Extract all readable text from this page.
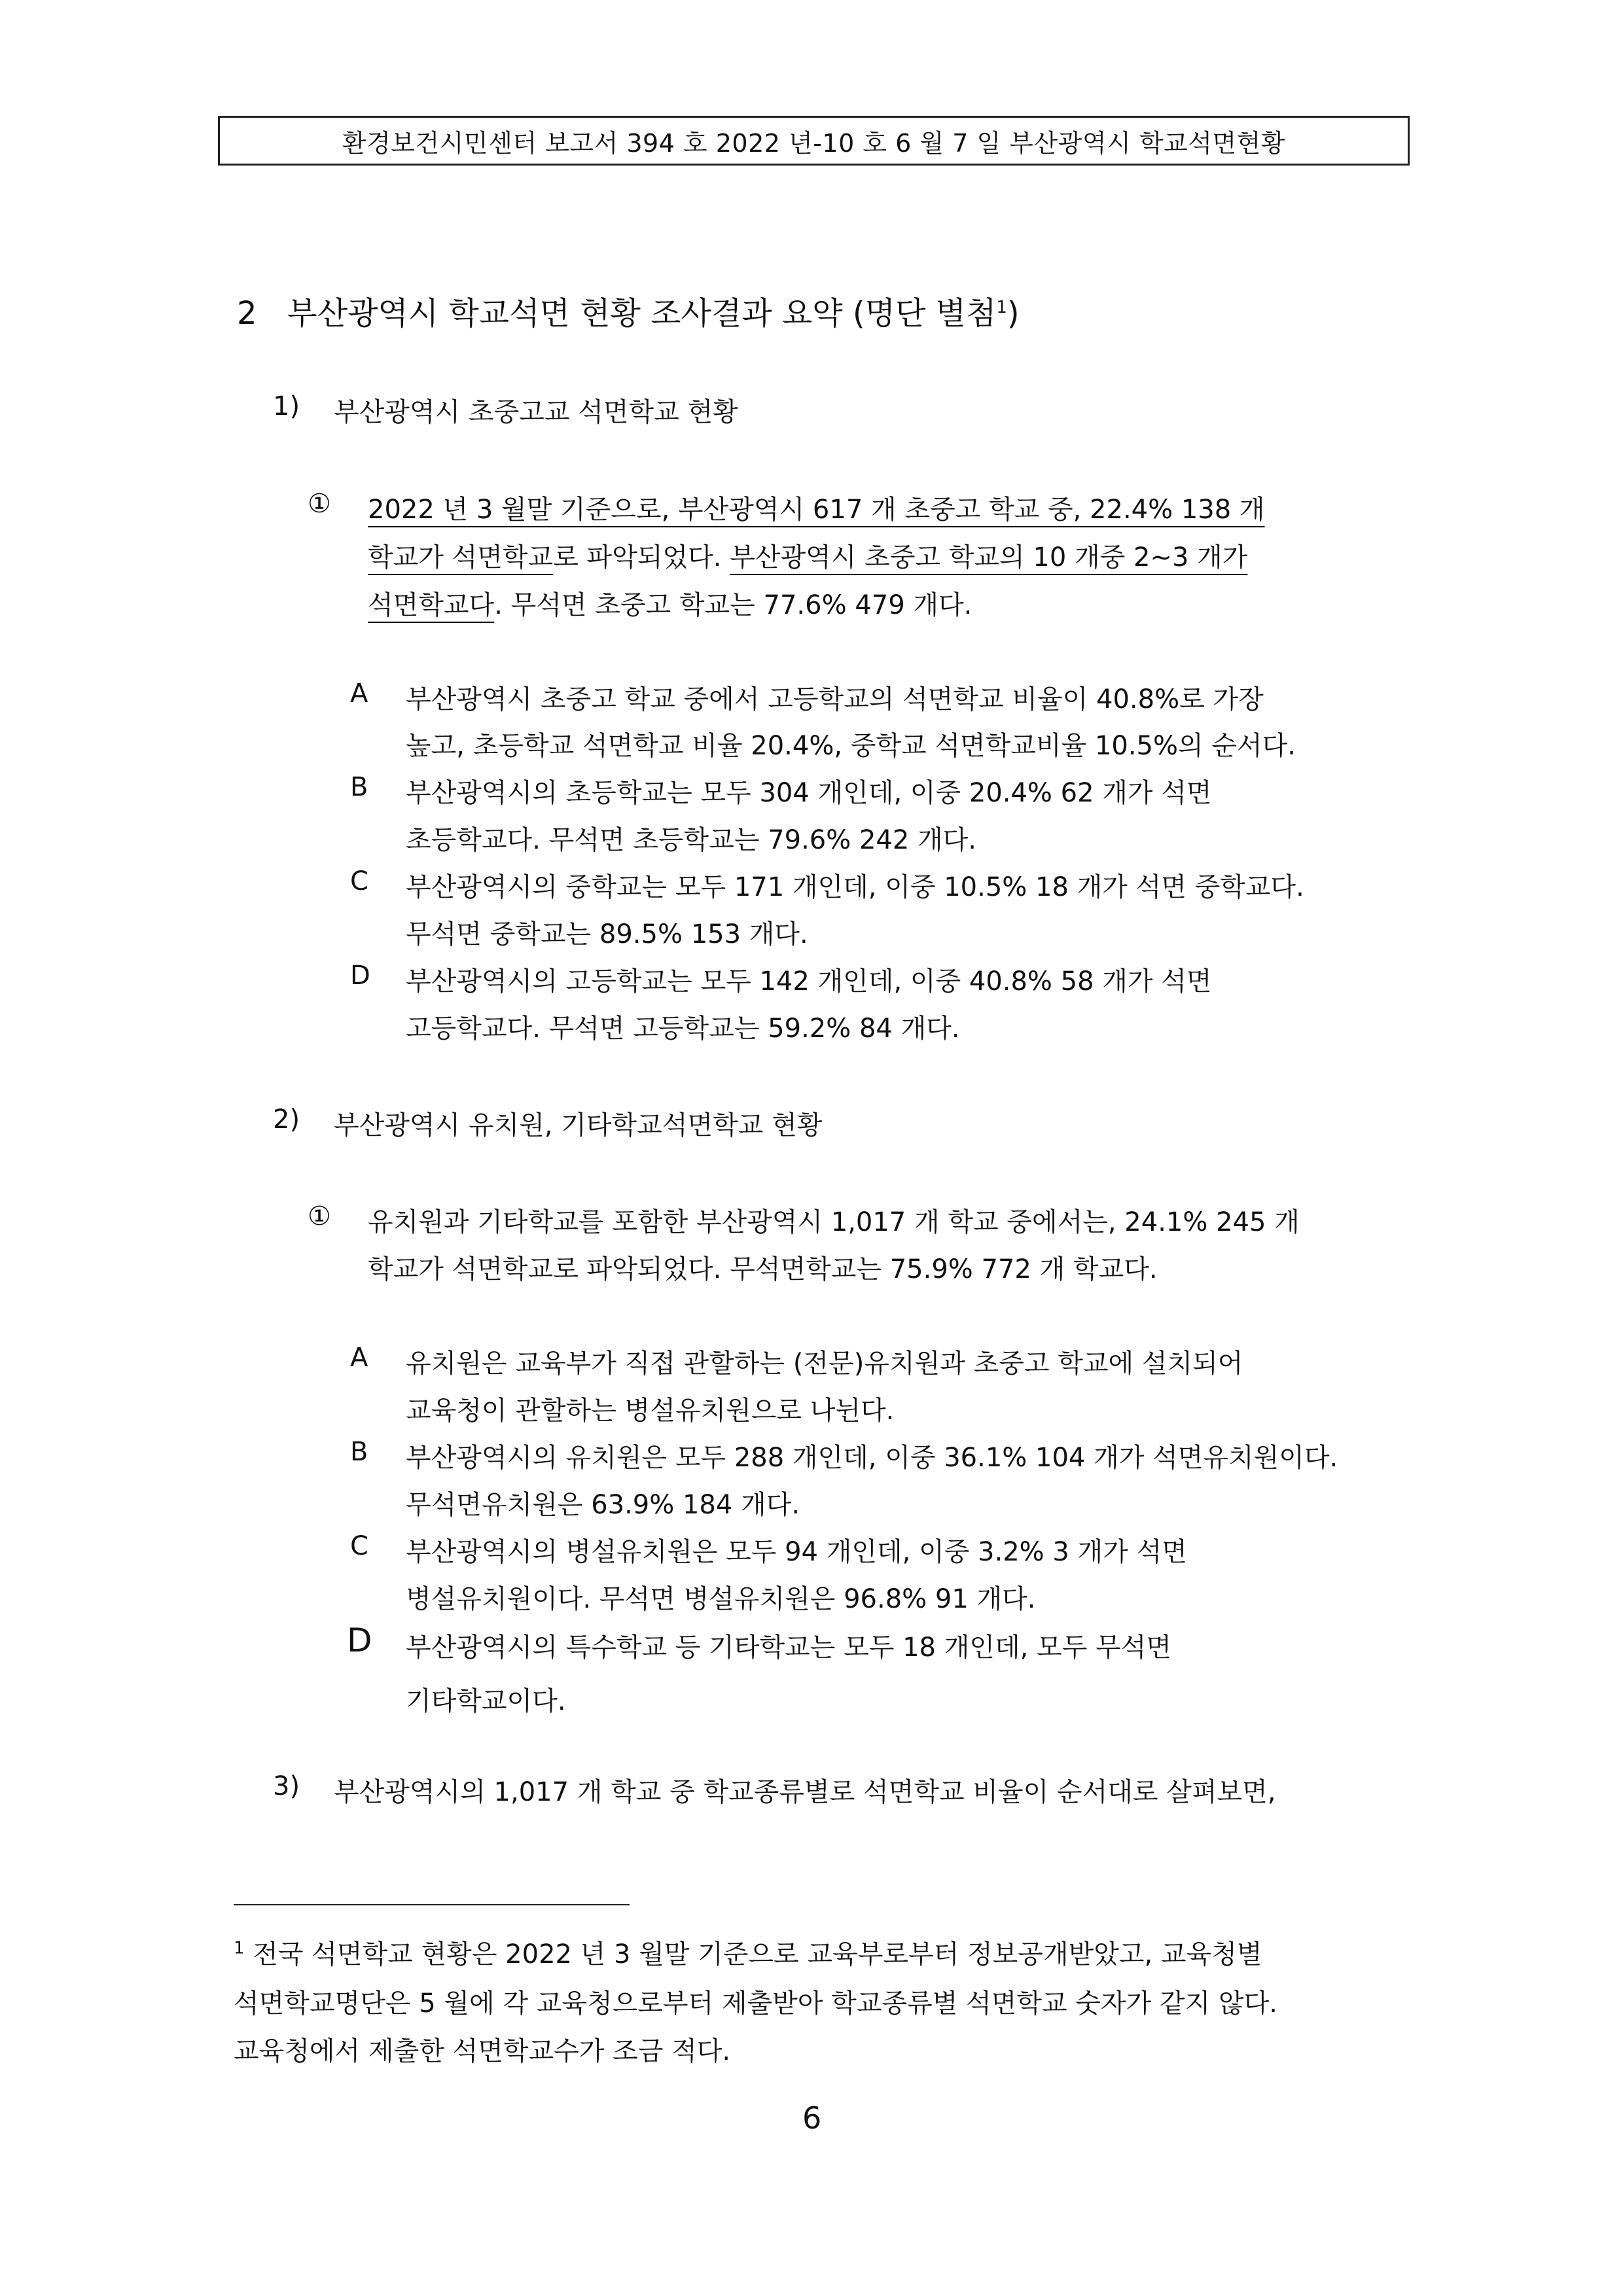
환경보건시민센터 보고서 394 호 2022 년-10 호 6 월 7 일 부산광역시 학교석면현황
2 부산광역시 학교석면 현황 조사결과 요약 (명단 별첨$^1$)
1) 부산광역시 초중고교 석면학교 현황
① 2022 년 3 월말 기준으로, 부산광역시 617 개 초중고 학교 중, 22.4% 138 개
학교가 석면학교로 파악되었다. 부산광역시 초중고 학교의 10 개중 2~3 개가
석면학교다. 무석면 초중고 학교는 77.6% 479 개다.
A 부산광역시 초중고 학교 중에서 고등학교의 석면학교 비율이 40.8%로 가장
높고, 초등학교 석면학교 비율 20.4%, 중학교 석면학교비율 10.5%의 순서다.
B 부산광역시의 초등학교는 모두 304 개인데, 이중 20.4% 62 개가 석면
초등학교다. 무석면 초등학교는 79.6% 242 개다.
C 부산광역시의 중학교는 모두 171 개인데, 이중 10.5% 18 개가 석면 중학교다.
무석면 중학교는 89.5% 153 개다.
D 부산광역시의 고등학교는 모두 142 개인데, 이중 40.8% 58 개가 석면
고등학교다. 무석면 고등학교는 59.2% 84 개다.
2) 부산광역시 유치원, 기타학교석면학교 현황
① 유치원과 기타학교를 포함한 부산광역시 1,017 개 학교 중에서는, 24.1% 245 개
학교가 석면학교로 파악되었다. 무석면학교는 75.9% 772 개 학교다.
A 유치원은 교육부가 직접 관할하는 (전문)유치원과 초중고 학교에 설치되어
교육청이 관할하는 병설유치원으로 나뉜다.
B 부산광역시의 유치원은 모두 288 개인데, 이중 36.1% 104 개가 석면유치원이다.
무석면유치원은 63.9% 184 개다.
C 부산광역시의 병설유치원은 모두 94 개인데, 이중 3.2% 3 개가 석면
병설유치원이다. 무석면 병설유치원은 96.8% 91 개다.
D 부산광역시의 특수학교 등 기타학교는 모두 18 개인데, 모두 무석면
기타학교이다.
3) 부산광역시의 1,017 개 학교 중 학교종류별로 석면학교 비율이 순서대로 살펴보면,
$^1$ 전국 석면학교 현황은 2022 년 3 월말 기준으로 교육부로부터 정보공개받았고, 교육청별
석면학교명단은 5 월에 각 교육청으로부터 제출받아 학교종류별 석면학교 숫자가 같지 않다.
교육청에서 제출한 석면학교수가 조금 적다.
6
